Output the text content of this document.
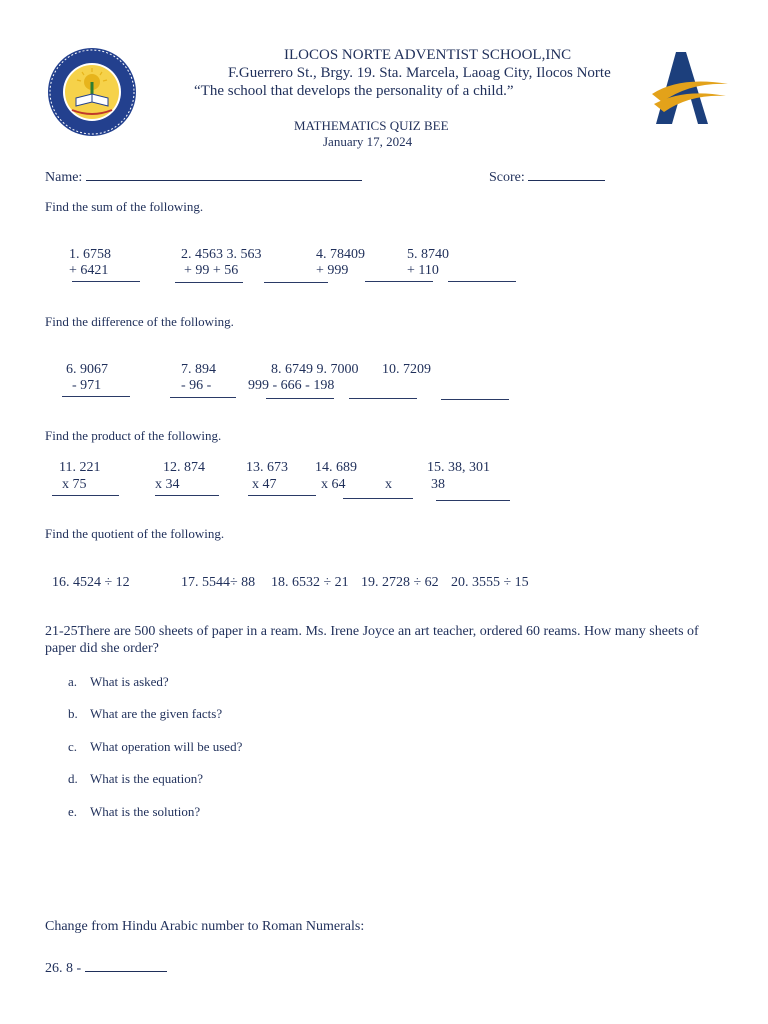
ILOCOS NORTE ADVENTIST SCHOOL,INC
F.Guerrero St., Brgy. 19. Sta. Marcela, Laoag City, Ilocos Norte
“The school that develops the personality of a child.”
MATHEMATICS QUIZ BEE
January 17, 2024
Name:	Score:
Find the sum of the following.
1. 6758	2. 4563 3. 563	4. 78409	5. 8740
+ 6421	+ 99 + 56	+ 999	+ 110
Find the difference of the following.
6. 9067	7. 894	8. 6749 9. 7000 10. 7209
- 971	- 96 -	999 - 666 - 198
Find the product of the following.
11. 221	12. 874	13. 673 14. 689	15. 38, 301
x 75	x 34	x 47	x 64	x	38
Find the quotient of the following.
16. 4524 ÷ 12	17. 5544÷ 88 18. 6532 ÷ 21 19. 2728 ÷ 62 20. 3555 ÷ 15
21-25There are 500 sheets of paper in a ream. Ms. Irene Joyce an art teacher, ordered 60 reams. How many sheets of
paper did she order?
a. What is asked?
b. What are the given facts?
c. What operation will be used?
d. What is the equation?
e. What is the solution?
Change from Hindu Arabic number to Roman Numerals:
26. 8 -
